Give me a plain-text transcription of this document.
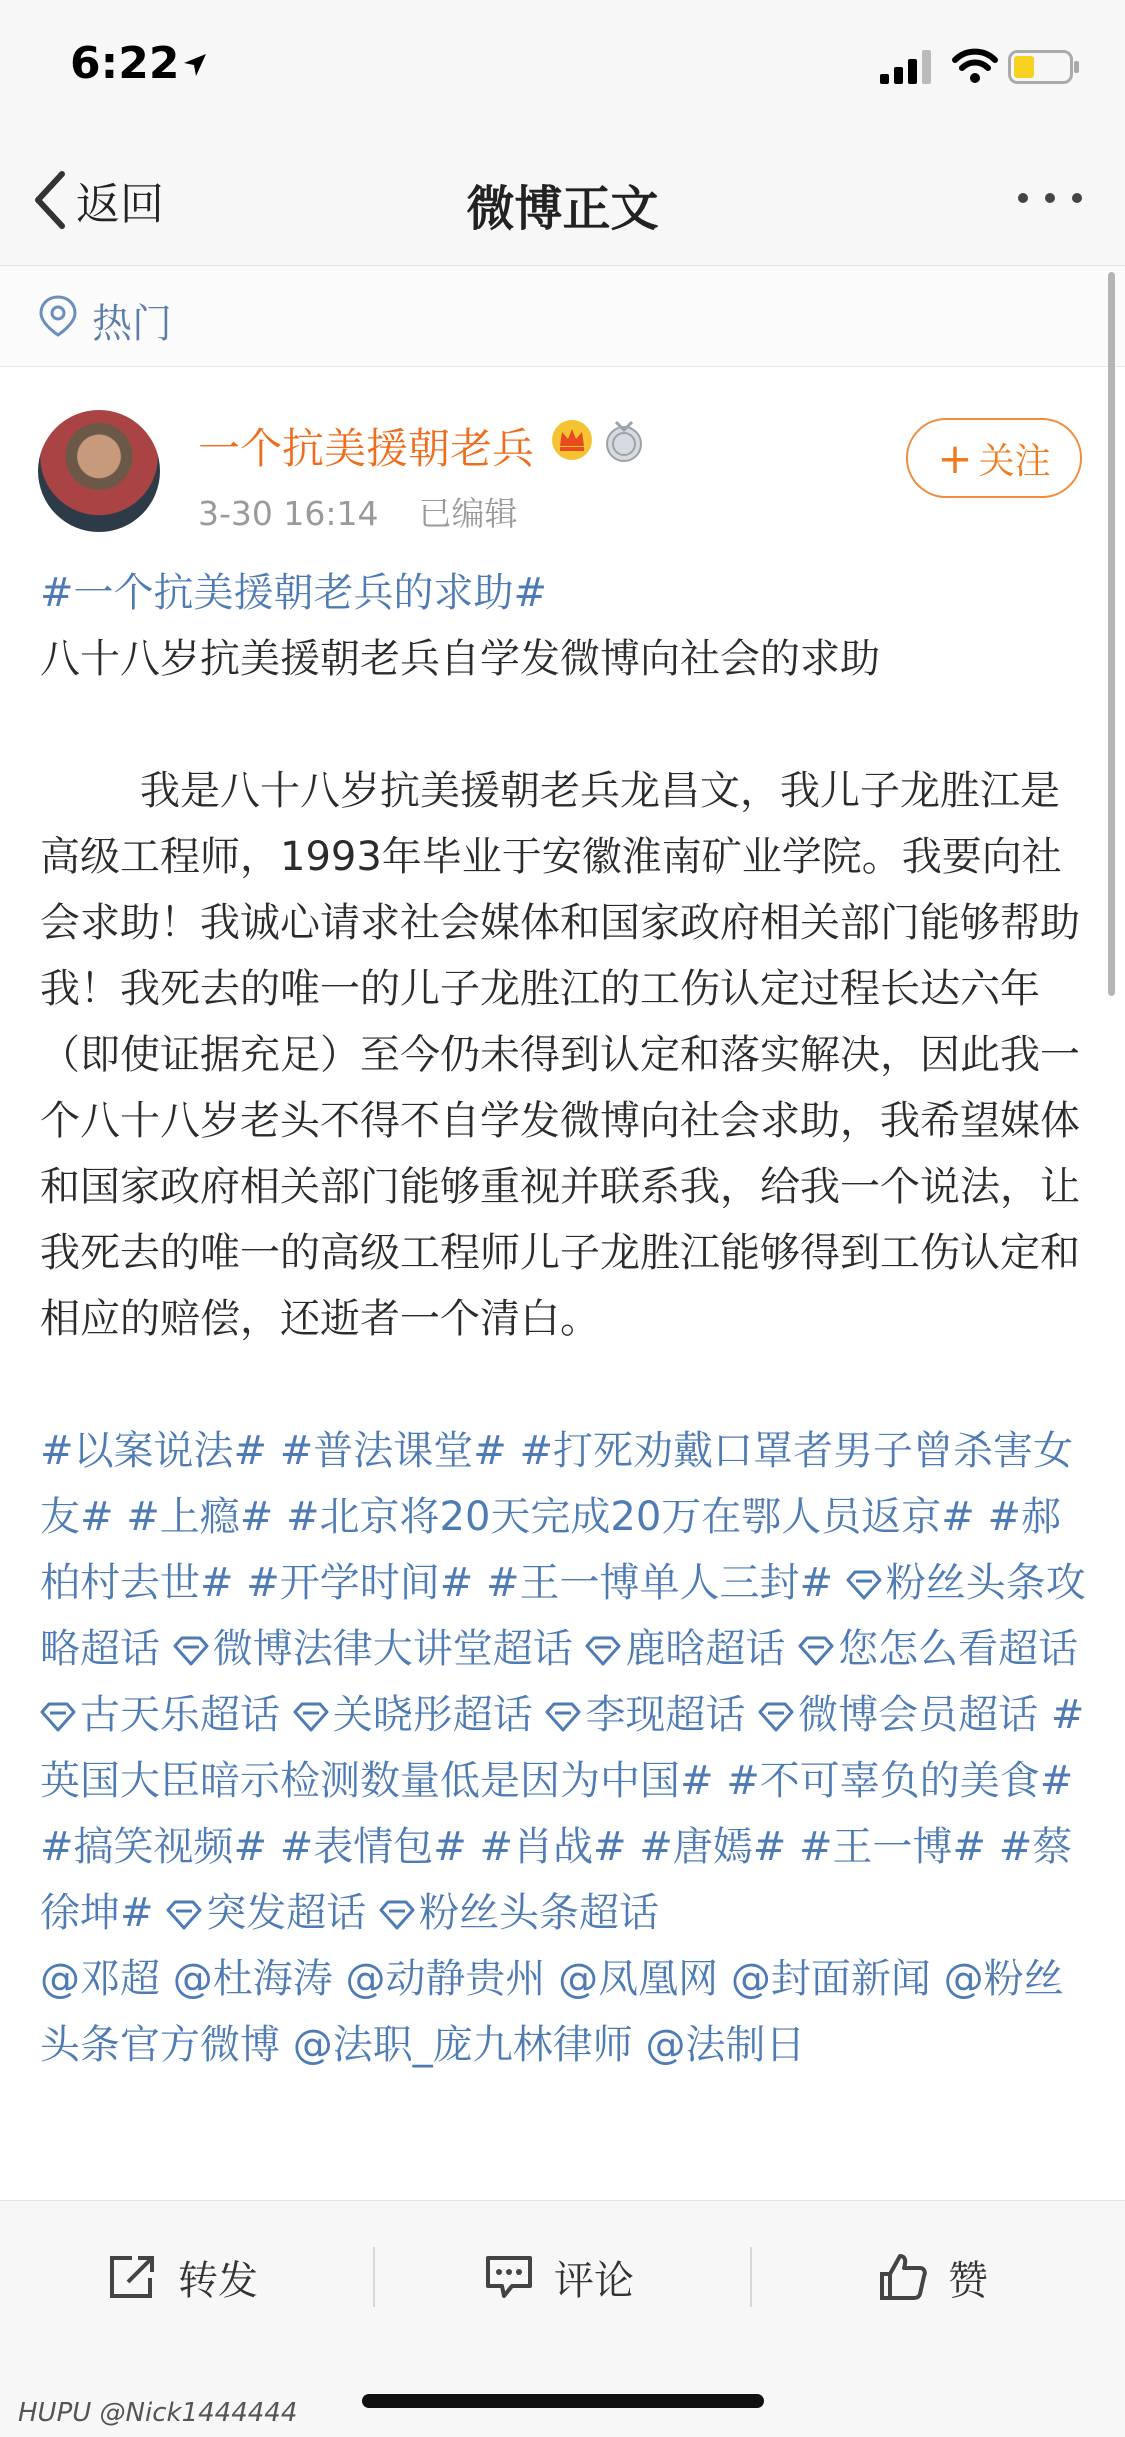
6:22
返回	微博正文
热门
一个抗美援朝老兵
3-30 16:14 已编辑
+ 关注

#一个抗美援朝老兵的求助#

八十八岁抗美援朝老兵自学发微博向社会的求助

我是八十八岁抗美援朝老兵龙昌文，我儿子龙胜江是高级工程师，1993年毕业于安徽淮南矿业学院。我要向社会求助！我诚心请求社会媒体和国家政府相关部门能够帮助我！我死去的唯一的儿子龙胜江的工伤认定过程长达六年（即使证据充足）至今仍未得到认定和落实解决，因此我一个八十八岁老头不得不自学发微博向社会求助，我希望媒体和国家政府相关部门能够重视并联系我，给我一个说法，让我死去的唯一的高级工程师儿子龙胜江能够得到工伤认定和相应的赔偿，还逝者一个清白。

#以案说法# #普法课堂# #打死劝戴口罩者男子曾杀害女友# #上瘾# #北京将20天完成20万在鄂人员返京# #郝柏村去世# #开学时间# #王一博单人三封# 粉丝头条攻略超话 微博法律大讲堂超话 鹿晗超话 您怎么看超话 古天乐超话 关晓彤超话 李现超话 微博会员超话 #英国大臣暗示检测数量低是因为中国# #不可辜负的美食# #搞笑视频# #表情包# #肖战# #唐嫣# #王一博# #蔡徐坤# 突发超话 粉丝头条超话

@邓超 @杜海涛 @动静贵州 @凤凰网 @封面新闻 @粉丝头条官方微博 @法职_庞九林律师 @法制日

转发	评论	赞
HUPU @Nick1444444
